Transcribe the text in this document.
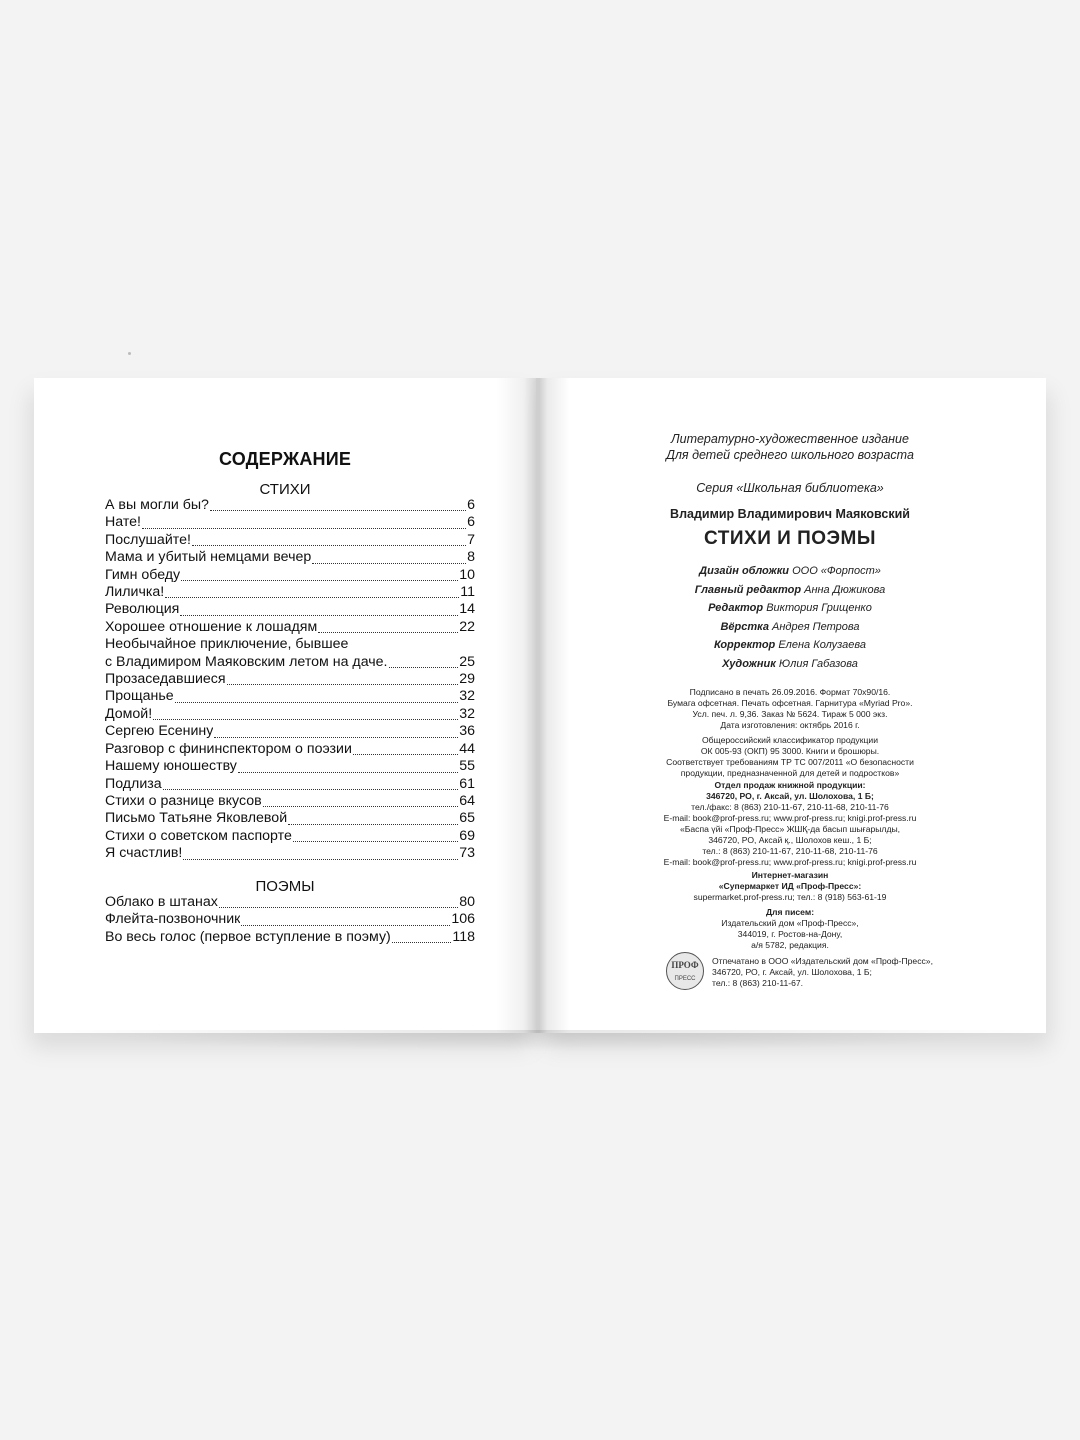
СОДЕРЖАНИЕ
СТИХИ
А вы могли бы?	6
Нате!	6
Послушайте!	7
Мама и убитый немцами вечер	8
Гимн обеду	10
Лиличка!	11
Революция	14
Хорошее отношение к лошадям	22
Необычайное приключение, бывшее
с Владимиром Маяковским летом на даче.	25
Прозаседавшиеся	29
Прощанье	32
Домой!	32
Сергею Есенину	36
Разговор с фининспектором о поэзии	44
Нашему юношеству	55
Подлиза	61
Стихи о разнице вкусов	64
Письмо Татьяне Яковлевой	65
Стихи о советском паспорте	69
Я счастлив!	73
ПОЭМЫ
Облако в штанах	80
Флейта-позвоночник	106
Во весь голос (первое вступление в поэму)	118
Литературно-художественное издание
Для детей среднего школьного возраста
Серия «Школьная библиотека»
Владимир Владимирович Маяковский
СТИХИ И ПОЭМЫ
Дизайн обложки ООО «Форпост»
Главный редактор Анна Дюжикова
Редактор Виктория Грищенко
Вёрстка Андрея Петрова
Корректор Елена Колузаева
Художник Юлия Габазова
Подписано в печать 26.09.2016. Формат 70х90/16.
Бумага офсетная. Печать офсетная. Гарнитура «Myriad Pro».
Усл. печ. л. 9,36. Заказ № 5624. Тираж 5 000 экз.
Дата изготовления: октябрь 2016 г.
Общероссийский классификатор продукции
ОК 005-93 (ОКП) 95 3000. Книги и брошюры.
Соответствует требованиям ТР ТС 007/2011 «О безопасности
продукции, предназначенной для детей и подростков»
Отдел продаж книжной продукции:
346720, РО, г. Аксай, ул. Шолохова, 1 Б;
тел./факс: 8 (863) 210-11-67, 210-11-68, 210-11-76
E-mail: book@prof-press.ru; www.prof-press.ru; knigi.prof-press.ru
«Баспа үйі «Проф-Пресс» ЖШҚ-да басып шығарылды,
346720, РО, Аксай қ., Шолохов кеш., 1 Б;
тел.: 8 (863) 210-11-67, 210-11-68, 210-11-76
E-mail: book@prof-press.ru; www.prof-press.ru; knigi.prof-press.ru
Интернет-магазин
«Супермаркет ИД «Проф-Пресс»:
supermarket.prof-press.ru; тел.: 8 (918) 563-61-19
Для писем:
Издательский дом «Проф-Пресс»,
344019, г. Ростов-на-Дону,
а/я 5782, редакция.
ПРОФ
ПРЕСС
Отпечатано в ООО «Издательский дом «Проф-Пресс»,
346720, РО, г. Аксай, ул. Шолохова, 1 Б;
тел.: 8 (863) 210-11-67.
